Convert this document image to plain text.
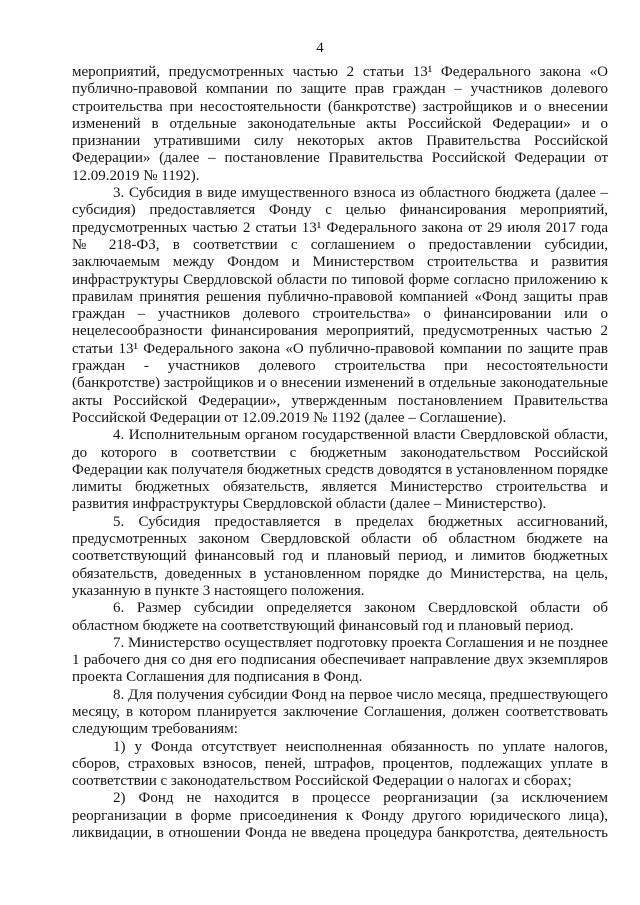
4

мероприятий, предусмотренных частью 2 статьи 13¹ Федерального закона «О публично-правовой компании по защите прав граждан – участников долевого строительства при несостоятельности (банкротстве) застройщиков и о внесении изменений в отдельные законодательные акты Российской Федерации» и о признании утратившими силу некоторых актов Правительства Российской Федерации» (далее – постановление Правительства Российской Федерации от 12.09.2019 № 1192).

3. Субсидия в виде имущественного взноса из областного бюджета (далее – субсидия) предоставляется Фонду с целью финансирования мероприятий, предусмотренных частью 2 статьи 13¹ Федерального закона от 29 июля 2017 года № 218-ФЗ, в соответствии с соглашением о предоставлении субсидии, заключаемым между Фондом и Министерством строительства и развития инфраструктуры Свердловской области по типовой форме согласно приложению к правилам принятия решения публично-правовой компанией «Фонд защиты прав граждан – участников долевого строительства» о финансировании или о нецелесообразности финансирования мероприятий, предусмотренных частью 2 статьи 13¹ Федерального закона «О публично-правовой компании по защите прав граждан - участников долевого строительства при несостоятельности (банкротстве) застройщиков и о внесении изменений в отдельные законодательные акты Российской Федерации», утвержденным постановлением Правительства Российской Федерации от 12.09.2019 № 1192 (далее – Соглашение).

4. Исполнительным органом государственной власти Свердловской области, до которого в соответствии с бюджетным законодательством Российской Федерации как получателя бюджетных средств доводятся в установленном порядке лимиты бюджетных обязательств, является Министерство строительства и развития инфраструктуры Свердловской области (далее – Министерство).

5. Субсидия предоставляется в пределах бюджетных ассигнований, предусмотренных законом Свердловской области об областном бюджете на соответствующий финансовый год и плановый период, и лимитов бюджетных обязательств, доведенных в установленном порядке до Министерства, на цель, указанную в пункте 3 настоящего положения.

6. Размер субсидии определяется законом Свердловской области об областном бюджете на соответствующий финансовый год и плановый период.

7. Министерство осуществляет подготовку проекта Соглашения и не позднее 1 рабочего дня со дня его подписания обеспечивает направление двух экземпляров проекта Соглашения для подписания в Фонд.

8. Для получения субсидии Фонд на первое число месяца, предшествующего месяцу, в котором планируется заключение Соглашения, должен соответствовать следующим требованиям:

1) у Фонда отсутствует неисполненная обязанность по уплате налогов, сборов, страховых взносов, пеней, штрафов, процентов, подлежащих уплате в соответствии с законодательством Российской Федерации о налогах и сборах;

2) Фонд не находится в процессе реорганизации (за исключением реорганизации в форме присоединения к Фонду другого юридического лица), ликвидации, в отношении Фонда не введена процедура банкротства, деятельность
